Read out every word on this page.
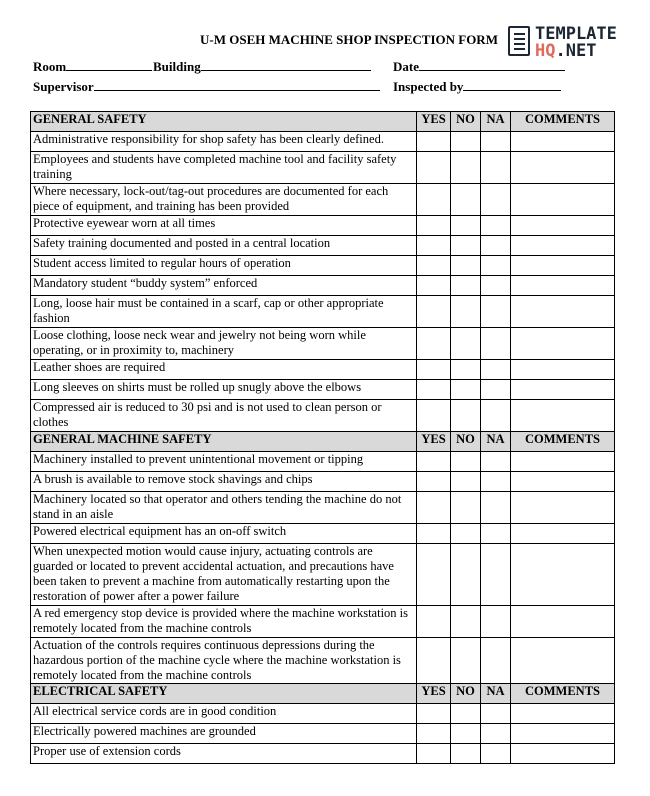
U-M OSEH MACHINE SHOP INSPECTION FORM	TEMPLATE
HQ.NET
Room	Building	Date
Supervisor	Inspected by
GENERAL SAFETY	YES	NO	NA	COMMENTS
Administrative responsibility for shop safety has been clearly defined.				
Employees and students have completed machine tool and facility safety training				
Where necessary, lock-out/tag-out procedures are documented for each piece of equipment, and training has been provided				
Protective eyewear worn at all times				
Safety training documented and posted in a central location				
Student access limited to regular hours of operation				
Mandatory student “buddy system” enforced				
Long, loose hair must be contained in a scarf, cap or other appropriate fashion				
Loose clothing, loose neck wear and jewelry not being worn while operating, or in proximity to, machinery				
Leather shoes are required				
Long sleeves on shirts must be rolled up snugly above the elbows				
Compressed air is reduced to 30 psi and is not used to clean person or clothes				
GENERAL MACHINE SAFETY	YES	NO	NA	COMMENTS
Machinery installed to prevent unintentional movement or tipping				
A brush is available to remove stock shavings and chips				
Machinery located so that operator and others tending the machine do not stand in an aisle				
Powered electrical equipment has an on-off switch				
When unexpected motion would cause injury, actuating controls are guarded or located to prevent accidental actuation, and precautions have been taken to prevent a machine from automatically restarting upon the restoration of power after a power failure				
A red emergency stop device is provided where the machine workstation is remotely located from the machine controls				
Actuation of the controls requires continuous depressions during the hazardous portion of the machine cycle where the machine workstation is remotely located from the machine controls				
ELECTRICAL SAFETY	YES	NO	NA	COMMENTS
All electrical service cords are in good condition				
Electrically powered machines are grounded				
Proper use of extension cords				
